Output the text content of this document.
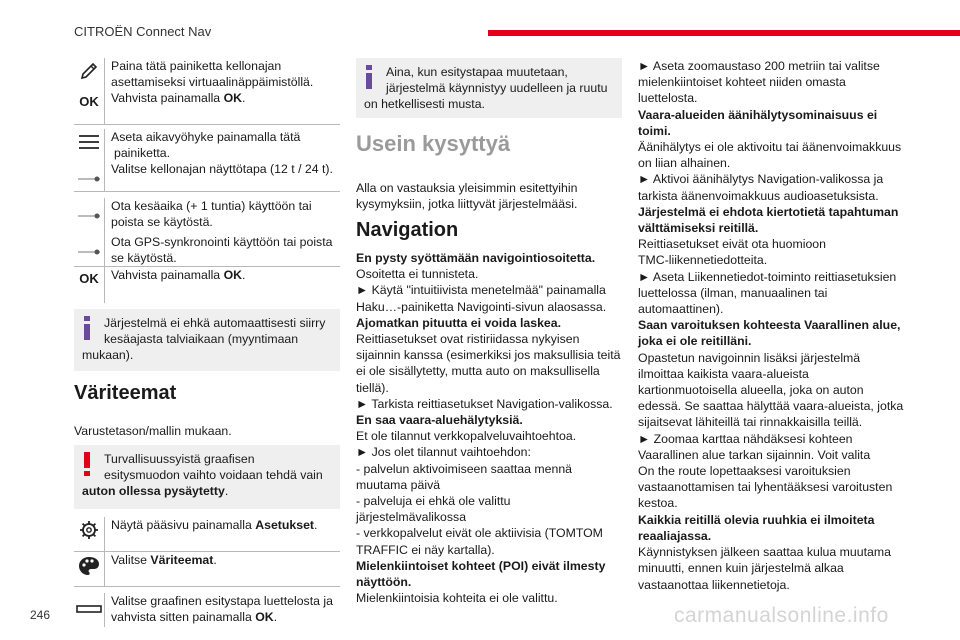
CITROËN Connect Nav
Paina tätä painiketta kellonajan
asettamiseksi virtuaalinäppäimistöllä.
OK Vahvista painamalla OK.
Aseta aikavyöhyke painamalla tätä
painiketta.
Valitse kellonajan näyttötapa (12 t / 24 t).
Ota kesäaika (+ 1 tuntia) käyttöön tai
poista se käytöstä.
Ota GPS-synkronointi käyttöön tai poista
se käytöstä.
OK Vahvista painamalla OK.
Järjestelmä ei ehkä automaattisesti siirry
kesäajasta talviaikaan (myyntimaan
mukaan).
Väriteemat
Varustetason/mallin mukaan.
Turvallisuussyistä graafisen
esitysmuodon vaihto voidaan tehdä vain
auton ollessa pysäytetty.
Näytä pääsivu painamalla Asetukset.
Valitse Väriteemat.
Valitse graafinen esitystapa luettelosta ja
vahvista sitten painamalla OK.
Aina, kun esitystapaa muutetaan,
järjestelmä käynnistyy uudelleen ja ruutu
on hetkellisesti musta.
Usein kysyttyä
Alla on vastauksia yleisimmin esitettyihin
kysymyksiin, jotka liittyvät järjestelmääsi.
Navigation
En pysty syöttämään navigointiosoitetta.
Osoitetta ei tunnisteta.
► Käytä "intuitiivista menetelmää" painamalla
Haku…-painiketta Navigointi-sivun alaosassa.
Ajomatkan pituutta ei voida laskea.
Reittiasetukset ovat ristiriidassa nykyisen
sijainnin kanssa (esimerkiksi jos maksullisia teitä
ei ole sisällytetty, mutta auto on maksullisella
tiellä).
► Tarkista reittiasetukset Navigation-valikossa.
En saa vaara-aluehälytyksiä.
Et ole tilannut verkkopalveluvaihtoehtoa.
► Jos olet tilannut vaihtoehdon:
- palvelun aktivoimiseen saattaa mennä
muutama päivä
- palveluja ei ehkä ole valittu järjestelmävalikossa
- verkkopalvelut eivät ole aktiivisia (TOMTOM
TRAFFIC ei näy kartalla).
Mielenkiintoiset kohteet (POI) eivät ilmesty
näyttöön.
Mielenkiintoisia kohteita ei ole valittu.
► Aseta zoomaustaso 200 metriin tai valitse
mielenkiintoiset kohteet niiden omasta
luettelosta.
Vaara-alueiden äänihälytysominaisuus ei
toimi.
Äänihälytys ei ole aktivoitu tai äänenvoimakkuus
on liian alhainen.
► Aktivoi äänihälytys Navigation-valikossa ja
tarkista äänenvoimakkuus audioasetuksista.
Järjestelmä ei ehdota kiertotietä tapahtuman
välttämiseksi reitillä.
Reittiasetukset eivät ota huomioon
TMC-liikennetiedotteita.
► Aseta Liikennetiedot-toiminto reittiasetuksien
luettelossa (ilman, manuaalinen tai
automaattinen).
Saan varoituksen kohteesta Vaarallinen alue,
joka ei ole reitilläni.
Opastetun navigoinnin lisäksi järjestelmä
ilmoittaa kaikista vaara-alueista
kartionmuotoisella alueella, joka on auton
edessä. Se saattaa hälyttää vaara-alueista, jotka
sijaitsevat lähiteillä tai rinnakkaisilla teillä.
► Zoomaa karttaa nähdäksesi kohteen
Vaarallinen alue tarkan sijainnin. Voit valita
On the route lopettaaksesi varoituksien
vastaanottamisen tai lyhentääksesi varoitusten
kestoa.
Kaikkia reitillä olevia ruuhkia ei ilmoiteta
reaaliajassa.
Käynnistyksen jälkeen saattaa kulua muutama
minuutti, ennen kuin järjestelmä alkaa
vastaanottaa liikennetietoja.
246	carmanualsonline.info
